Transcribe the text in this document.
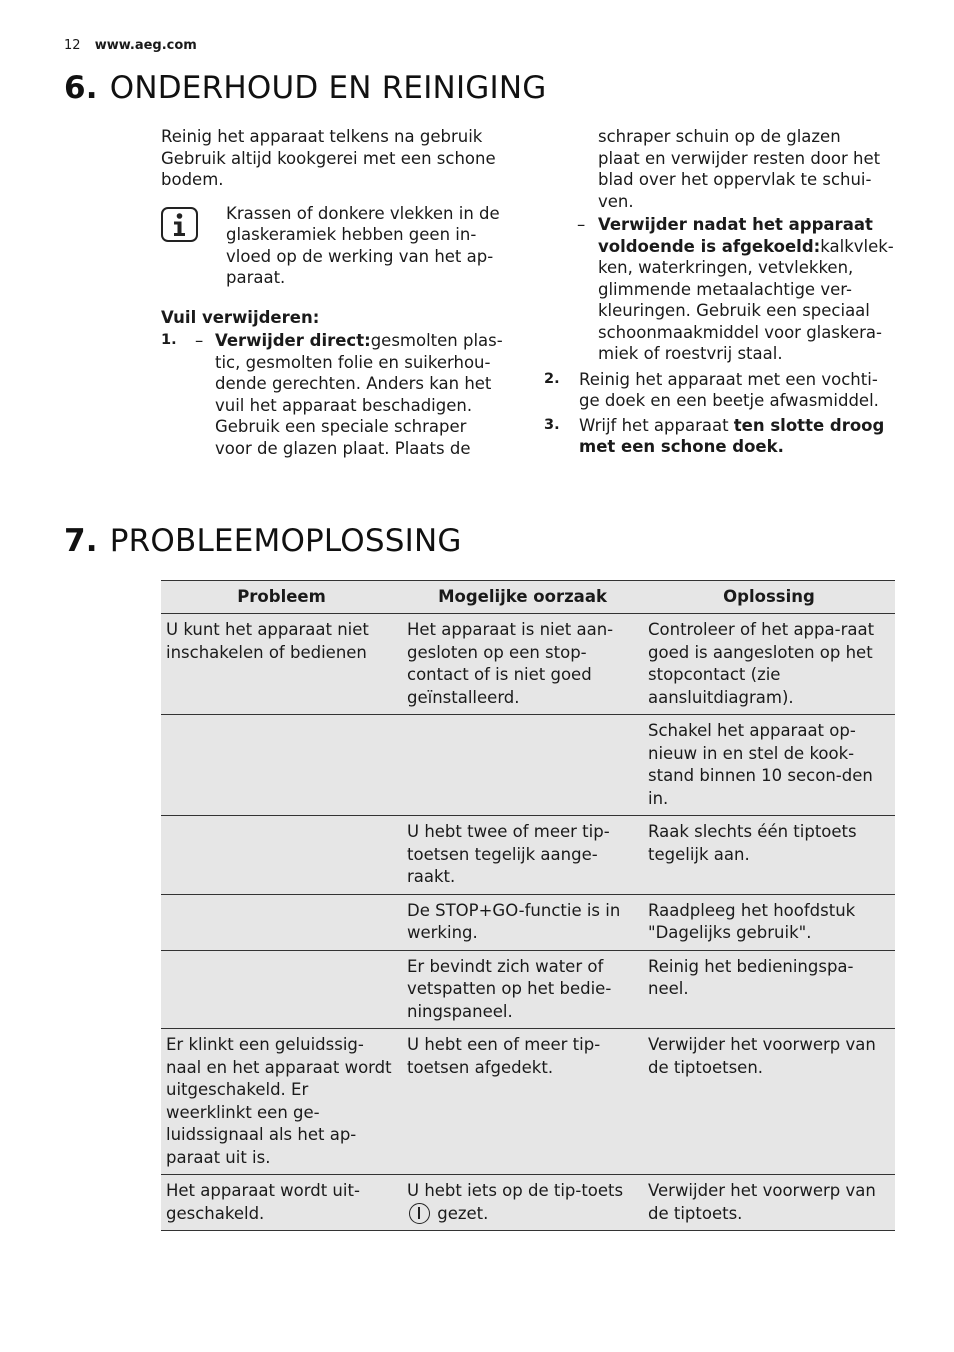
12 www.aeg.com
6. ONDERHOUD EN REINIGING
Reinig het apparaat telkens na gebruik
Gebruik altijd kookgerei met een schone
bodem.
Krassen of donkere vlekken in de
glaskeramiek hebben geen in-
vloed op de werking van het ap-
paraat.
Vuil verwijderen:
1. – Verwijder direct:gesmolten plas-
tic, gesmolten folie en suikerhou-
dende gerechten. Anders kan het
vuil het apparaat beschadigen.
Gebruik een speciale schraper
voor de glazen plaat. Plaats de
schraper schuin op de glazen
plaat en verwijder resten door het
blad over het oppervlak te schui-
ven.
– Verwijder nadat het apparaat
voldoende is afgekoeld:kalkvlek-
ken, waterkringen, vetvlekken,
glimmende metaalachtige ver-
kleuringen. Gebruik een speciaal
schoonmaakmiddel voor glaskera-
miek of roestvrij staal.
2. Reinig het apparaat met een vochti-
ge doek en een beetje afwasmiddel.
3. Wrijf het apparaat ten slotte droog
met een schone doek.
7. PROBLEEMOPLOSSING
Probleem	Mogelijke oorzaak	Oplossing
U kunt het apparaat niet inschakelen of bedienen	Het apparaat is niet aan-gesloten op een stop-contact of is niet goed geïnstalleerd.	Controleer of het appa-raat goed is aangesloten op het stopcontact (zie aansluitdiagram).
		Schakel het apparaat op-nieuw in en stel de kook-stand binnen 10 secon-den in.
	U hebt twee of meer tip-toetsen tegelijk aange-raakt.	Raak slechts één tiptoets tegelijk aan.
	De STOP+GO-functie is in werking.	Raadpleeg het hoofdstuk "Dagelijks gebruik".
	Er bevindt zich water of vetspatten op het bedie-ningspaneel.	Reinig het bedieningspa-neel.
Er klinkt een geluidssig-naal en het apparaat wordt uitgeschakeld. Er weerklinkt een ge-luidssignaal als het ap-paraat uit is.	U hebt een of meer tip-toetsen afgedekt.	Verwijder het voorwerp van de tiptoetsen.
Het apparaat wordt uit-geschakeld.	U hebt iets op de tip-toets  gezet.	Verwijder het voorwerp van de tiptoets.
